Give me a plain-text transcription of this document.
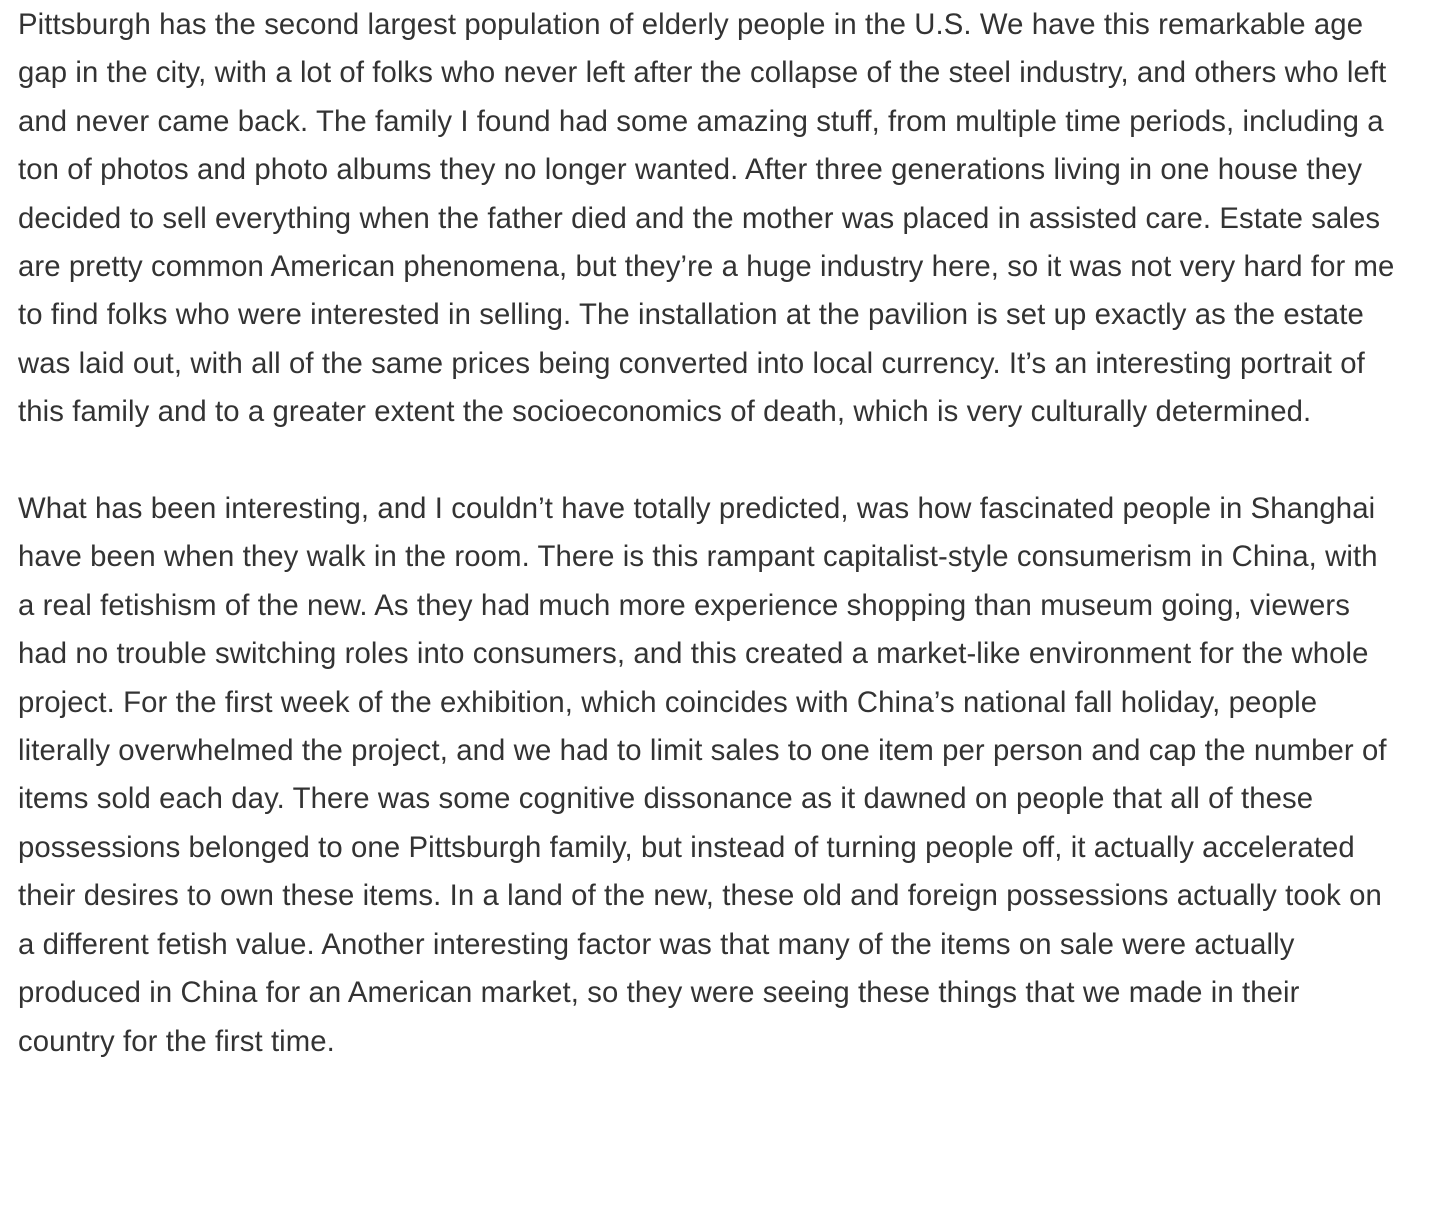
Pittsburgh has the second largest population of elderly people in the U.S. We have this remarkable age gap in the city, with a lot of folks who never left after the collapse of the steel industry, and others who left and never came back. The family I found had some amazing stuff, from multiple time periods, including a ton of photos and photo albums they no longer wanted. After three generations living in one house they decided to sell everything when the father died and the mother was placed in assisted care. Estate sales are pretty common American phenomena, but they’re a huge industry here, so it was not very hard for me to find folks who were interested in selling. The installation at the pavilion is set up exactly as the estate was laid out, with all of the same prices being converted into local currency. It’s an interesting portrait of this family and to a greater extent the socioeconomics of death, which is very culturally determined.

What has been interesting, and I couldn’t have totally predicted, was how fascinated people in Shanghai have been when they walk in the room. There is this rampant capitalist-style consumerism in China, with a real fetishism of the new. As they had much more experience shopping than museum going, viewers had no trouble switching roles into consumers, and this created a market-like environment for the whole project. For the first week of the exhibition, which coincides with China’s national fall holiday, people literally overwhelmed the project, and we had to limit sales to one item per person and cap the number of items sold each day. There was some cognitive dissonance as it dawned on people that all of these possessions belonged to one Pittsburgh family, but instead of turning people off, it actually accelerated their desires to own these items. In a land of the new, these old and foreign possessions actually took on a different fetish value. Another interesting factor was that many of the items on sale were actually produced in China for an American market, so they were seeing these things that we made in their country for the first time.
